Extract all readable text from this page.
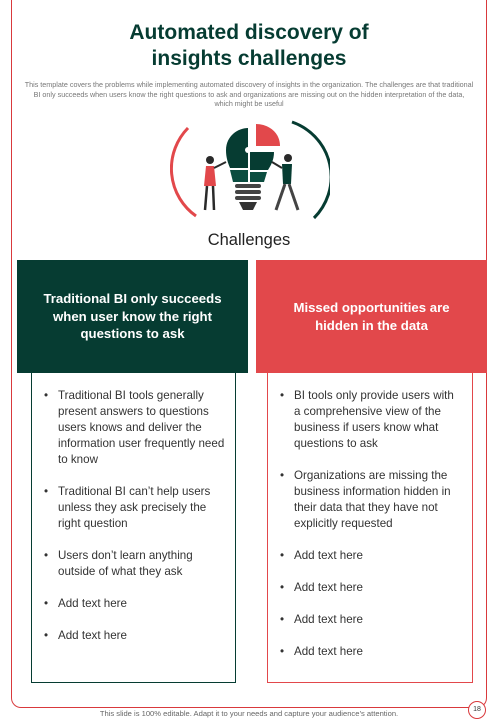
Automated discovery of
insights challenges
This template covers the problems while implementing automated discovery of insights in the organization. The challenges are that traditional BI only succeeds when users know the right questions to ask and organizations are missing out on the hidden interpretation of the data, which might be useful
Challenges
Traditional BI only succeeds when user know the right questions to ask
Missed opportunities are hidden in the data
• Traditional BI tools generally present answers to questions users knows and deliver the information user frequently need to know
• Traditional BI can’t help users unless they ask precisely the right question
• Users don’t learn anything outside of what they ask
• Add text here
• Add text here
• BI tools only provide users with a comprehensive view of the business if users know what questions to ask
• Organizations are missing the business information hidden in their data that they have not explicitly requested
• Add text here
• Add text here
• Add text here
• Add text here
This slide is 100% editable. Adapt it to your needs and capture your audience’s attention.	18
